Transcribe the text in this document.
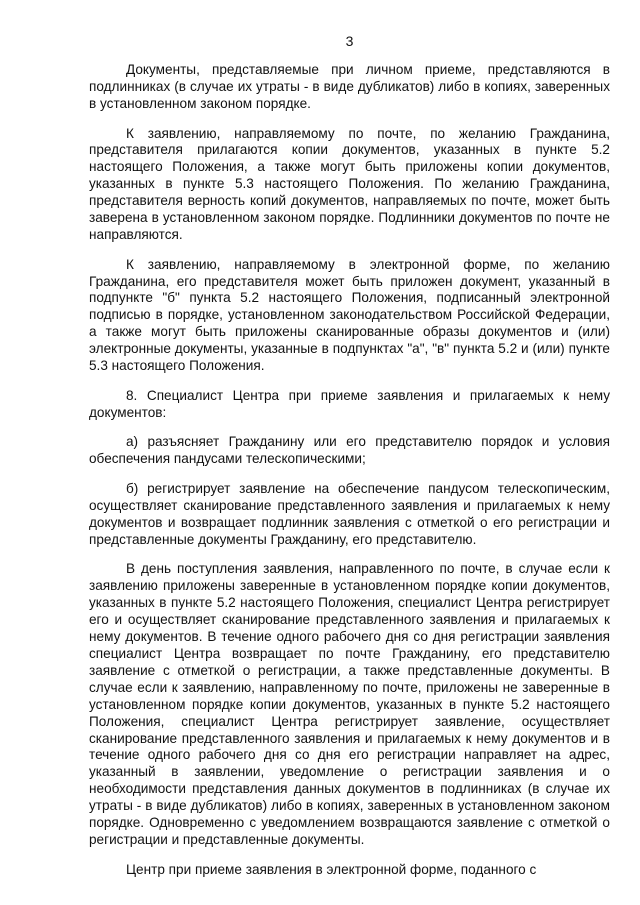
3

Документы, представляемые при личном приеме, представляются в подлинниках (в случае их утраты - в виде дубликатов) либо в копиях, заверенных в установленном законом порядке.

К заявлению, направляемому по почте, по желанию Гражданина, представителя прилагаются копии документов, указанных в пункте 5.2 настоящего Положения, а также могут быть приложены копии документов, указанных в пункте 5.3 настоящего Положения. По желанию Гражданина, представителя верность копий документов, направляемых по почте, может быть заверена в установленном законом порядке. Подлинники документов по почте не направляются.

К заявлению, направляемому в электронной форме, по желанию Гражданина, его представителя может быть приложен документ, указанный в подпункте "б" пункта 5.2 настоящего Положения, подписанный электронной подписью в порядке, установленном законодательством Российской Федерации, а также могут быть приложены сканированные образы документов и (или) электронные документы, указанные в подпунктах "а", "в" пункта 5.2 и (или) пункте 5.3 настоящего Положения.

8. Специалист Центра при приеме заявления и прилагаемых к нему документов:

а) разъясняет Гражданину или его представителю порядок и условия обеспечения пандусами телескопическими;

б) регистрирует заявление на обеспечение пандусом телескопическим, осуществляет сканирование представленного заявления и прилагаемых к нему документов и возвращает подлинник заявления с отметкой о его регистрации и представленные документы Гражданину, его представителю.

В день поступления заявления, направленного по почте, в случае если к заявлению приложены заверенные в установленном порядке копии документов, указанных в пункте 5.2 настоящего Положения, специалист Центра регистрирует его и осуществляет сканирование представленного заявления и прилагаемых к нему документов. В течение одного рабочего дня со дня регистрации заявления специалист Центра возвращает по почте Гражданину, его представителю заявление с отметкой о регистрации, а также представленные документы. В случае если к заявлению, направленному по почте, приложены не заверенные в установленном порядке копии документов, указанных в пункте 5.2 настоящего Положения, специалист Центра регистрирует заявление, осуществляет сканирование представленного заявления и прилагаемых к нему документов и в течение одного рабочего дня со дня его регистрации направляет на адрес, указанный в заявлении, уведомление о регистрации заявления и о необходимости представления данных документов в подлинниках (в случае их утраты - в виде дубликатов) либо в копиях, заверенных в установленном законом порядке. Одновременно с уведомлением возвращаются заявление с отметкой о регистрации и представленные документы.

Центр при приеме заявления в электронной форме, поданного с
